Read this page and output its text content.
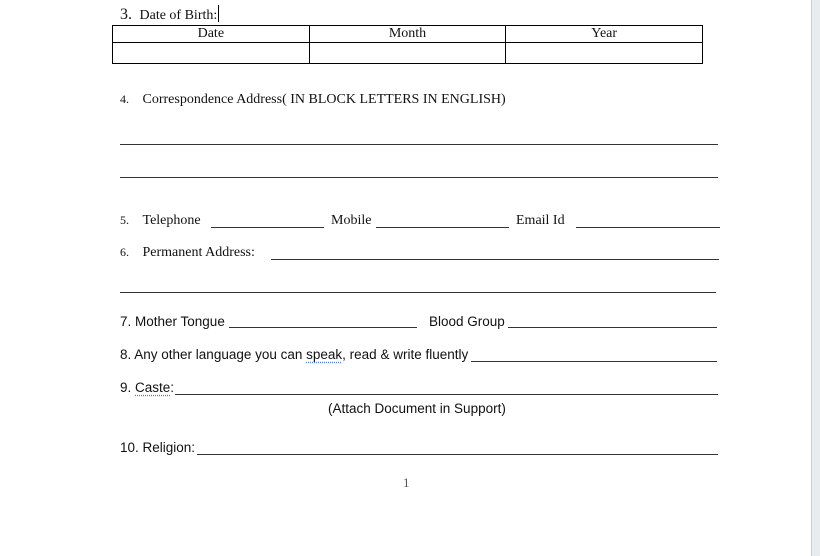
3. Date of Birth:
Date	Month	Year

4. Correspondence Address( IN BLOCK LETTERS IN ENGLISH)
5. Telephone	Mobile	Email Id
6. Permanent Address:
7. Mother Tongue	Blood Group
8. Any other language you can speak, read & write fluently
9. Caste:
(Attach Document in Support)
10. Religion:
1
